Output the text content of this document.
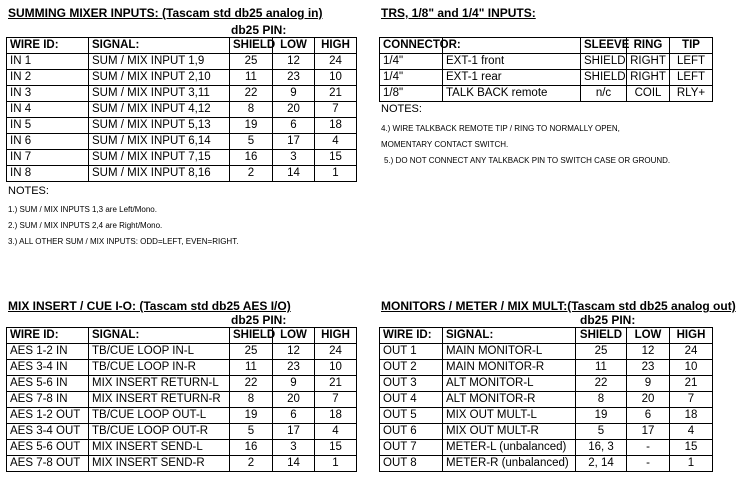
SUMMING MIXER INPUTS: (Tascam std db25 analog in)
db25 PIN:
WIRE ID:	SIGNAL:	SHIELD	LOW	HIGH
IN 1	SUM / MIX INPUT 1,9	25	12	24
IN 2	SUM / MIX INPUT 2,10	11	23	10
IN 3	SUM / MIX INPUT 3,11	22	9	21
IN 4	SUM / MIX INPUT 4,12	8	20	7
IN 5	SUM / MIX INPUT 5,13	19	6	18
IN 6	SUM / MIX INPUT 6,14	5	17	4
IN 7	SUM / MIX INPUT 7,15	16	3	15
IN 8	SUM / MIX INPUT 8,16	2	14	1
NOTES:
1.) SUM / MIX INPUTS 1,3 are Left/Mono.
2.) SUM / MIX INPUTS 2,4 are Right/Mono.
3.) ALL OTHER SUM / MIX INPUTS: ODD=LEFT, EVEN=RIGHT.
TRS, 1/8" and 1/4" INPUTS:
CONNECTOR:		SLEEVE	RING	TIP
1/4"	EXT-1 front	SHIELD	RIGHT	LEFT
1/4"	EXT-1 rear	SHIELD	RIGHT	LEFT
1/8"	TALK BACK remote	n/c	COIL	RLY+
NOTES:
4.) WIRE TALKBACK REMOTE TIP / RING TO NORMALLY OPEN,
MOMENTARY CONTACT SWITCH.
5.) DO NOT CONNECT ANY TALKBACK PIN TO SWITCH CASE OR GROUND.
MIX INSERT / CUE I-O: (Tascam std db25 AES I/O)
db25 PIN:
WIRE ID:	SIGNAL:	SHIELD	LOW	HIGH
AES 1-2 IN	TB/CUE LOOP IN-L	25	12	24
AES 3-4 IN	TB/CUE LOOP IN-R	11	23	10
AES 5-6 IN	MIX INSERT RETURN-L	22	9	21
AES 7-8 IN	MIX INSERT RETURN-R	8	20	7
AES 1-2 OUT	TB/CUE LOOP OUT-L	19	6	18
AES 3-4 OUT	TB/CUE LOOP OUT-R	5	17	4
AES 5-6 OUT	MIX INSERT SEND-L	16	3	15
AES 7-8 OUT	MIX INSERT SEND-R	2	14	1
MONITORS / METER / MIX MULT:(Tascam std db25 analog out)
db25 PIN:
WIRE ID:	SIGNAL:	SHIELD	LOW	HIGH
OUT 1	MAIN MONITOR-L	25	12	24
OUT 2	MAIN MONITOR-R	11	23	10
OUT 3	ALT MONITOR-L	22	9	21
OUT 4	ALT MONITOR-R	8	20	7
OUT 5	MIX OUT MULT-L	19	6	18
OUT 6	MIX OUT MULT-R	5	17	4
OUT 7	METER-L (unbalanced)	16, 3	-	15
OUT 8	METER-R (unbalanced)	2, 14	-	1
